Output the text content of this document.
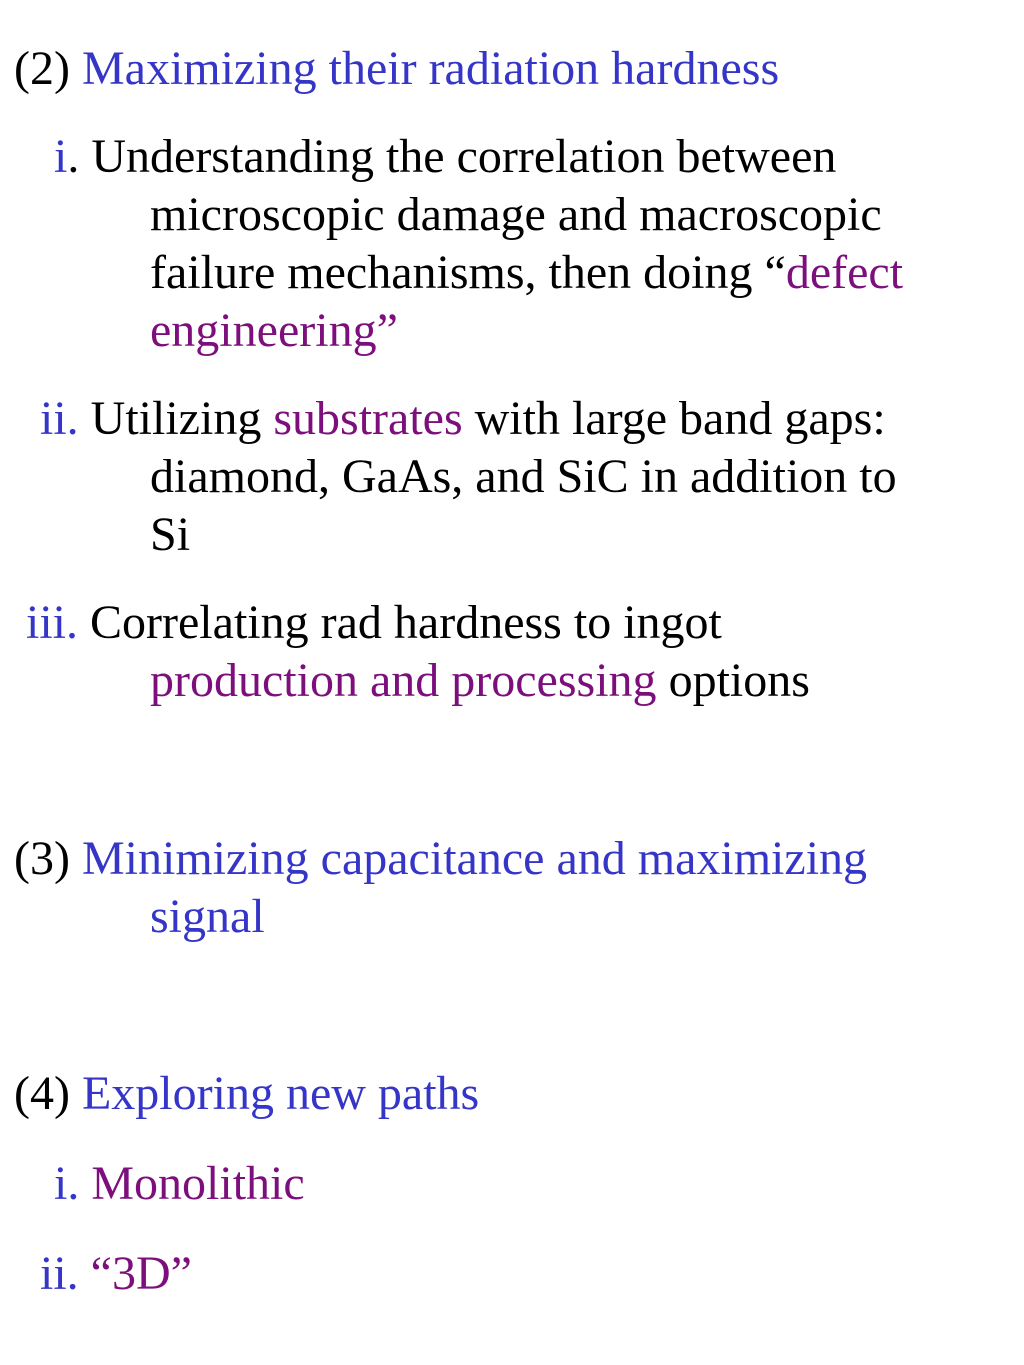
(2) Maximizing their radiation hardness
i. Understanding the correlation between
microscopic damage and macroscopic
failure mechanisms, then doing “defect
engineering”
ii. Utilizing substrates with large band gaps:
diamond, GaAs, and SiC in addition to
Si
iii. Correlating rad hardness to ingot
production and processing options
(3) Minimizing capacitance and maximizing
signal
(4) Exploring new paths
i. Monolithic
ii. “3D”
